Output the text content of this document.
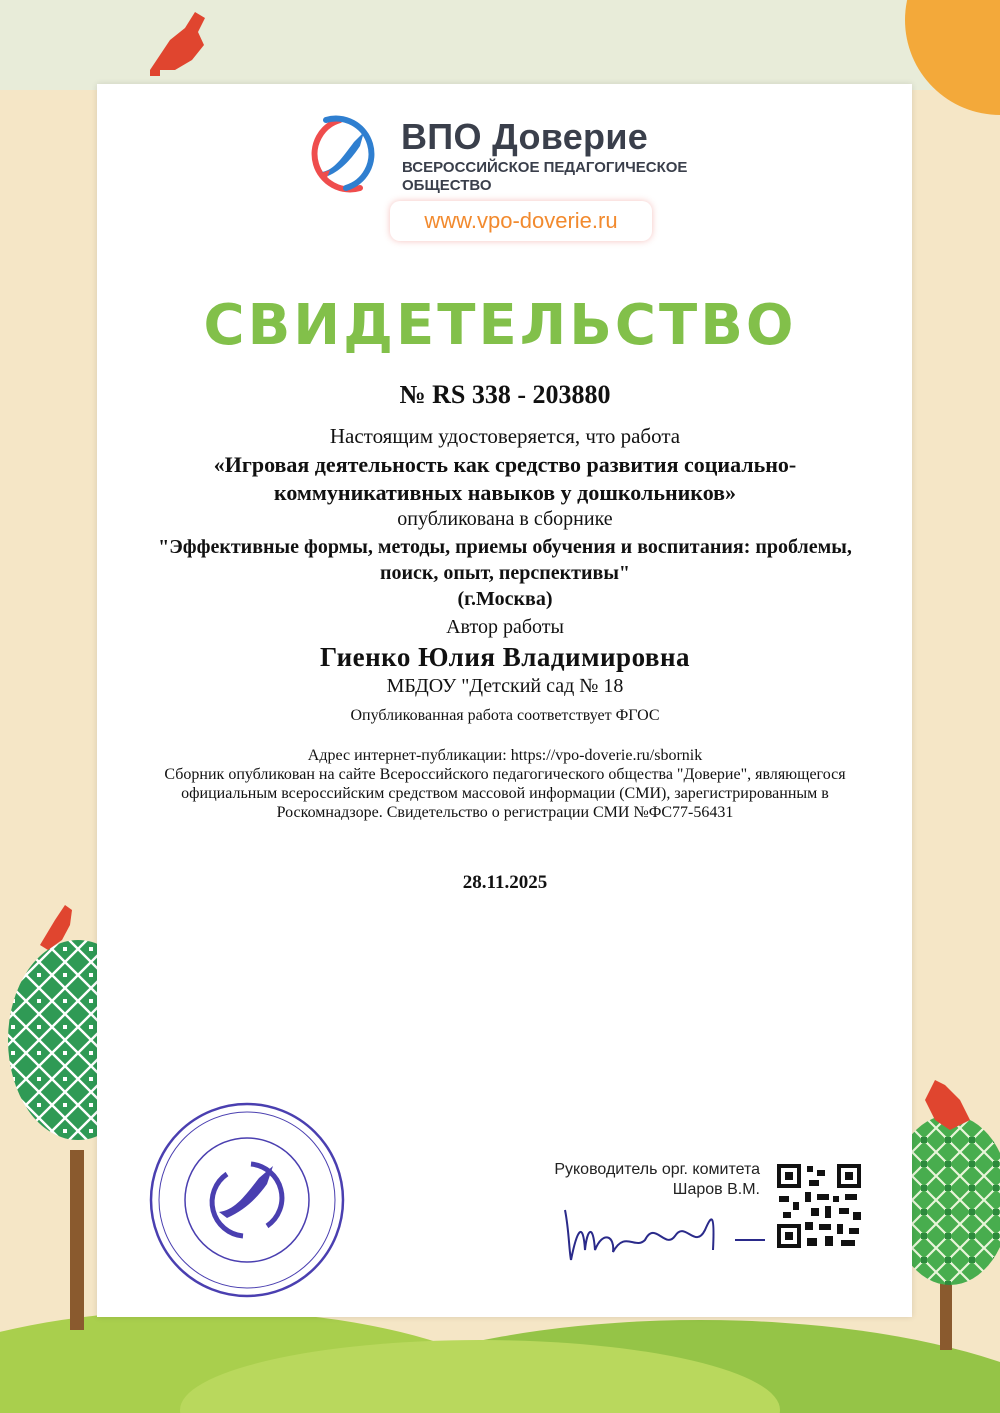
ВПО Доверие
ВСЕРОССИЙСКОЕ ПЕДАГОГИЧЕСКОЕ ОБЩЕСТВО
www.vpo-doverie.ru
СВИДЕТЕЛЬСТВО
№ RS 338 - 203880
Настоящим удостоверяется, что работа
«Игровая деятельность как средство развития социально-коммуникативных навыков у дошкольников»
опубликована в сборнике
"Эффективные формы, методы, приемы обучения и воспитания: проблемы, поиск, опыт, перспективы"
(г.Москва)
Автор работы
Гиенко Юлия Владимировна
МБДОУ "Детский сад № 18
Опубликованная работа соответствует ФГОС
Адрес интернет-публикации: https://vpo-doverie.ru/sbornik
Сборник опубликован на сайте Всероссийского педагогического общества "Доверие", являющегося официальным всероссийским средством массовой информации (СМИ), зарегистрированным в Роскомнадзоре. Свидетельство о регистрации СМИ №ФС77-56431
28.11.2025
Руководитель орг. комитета
Шаров В.М.
